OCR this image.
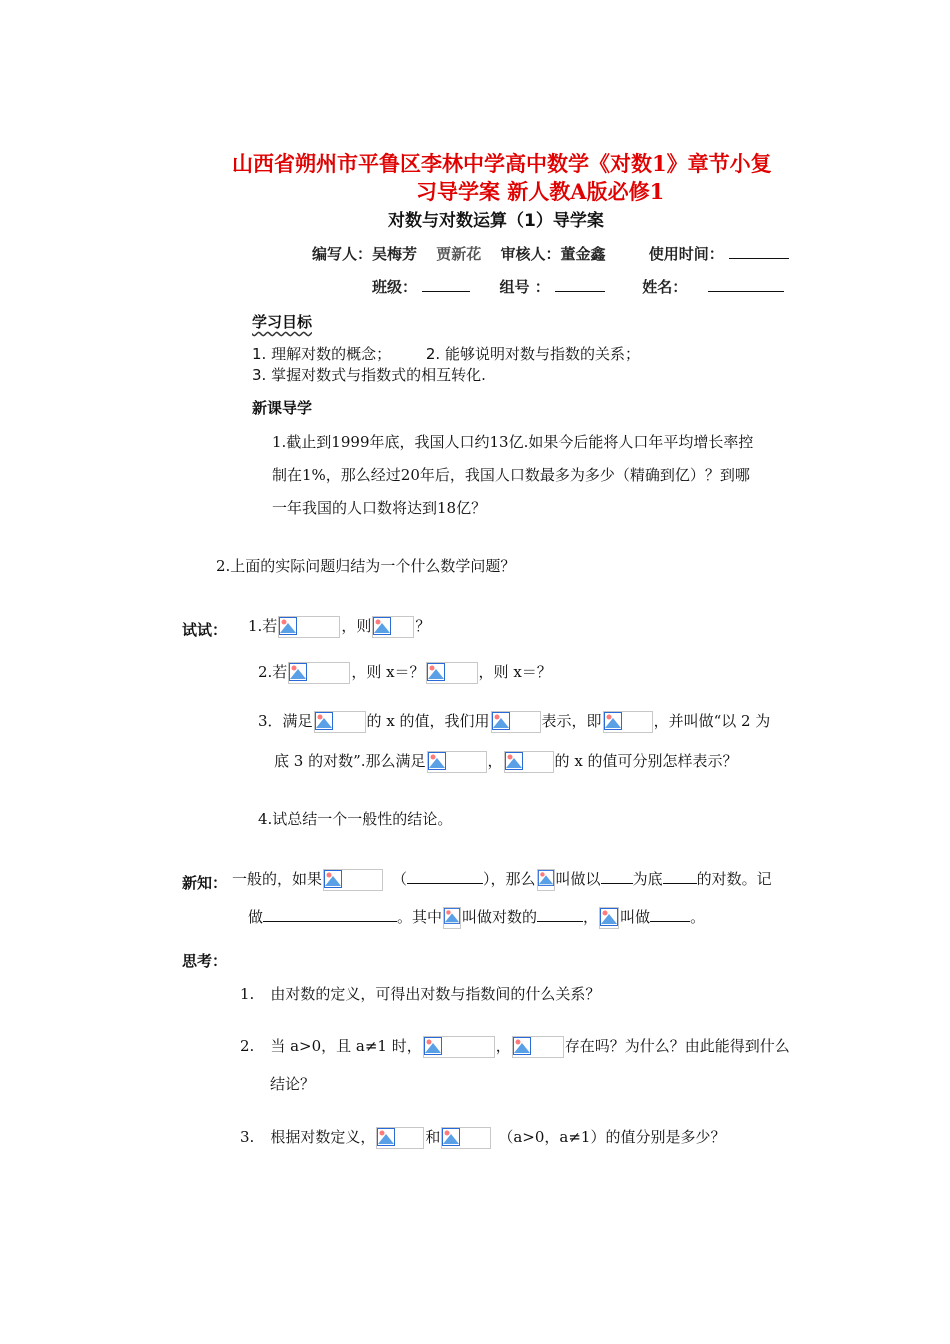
山西省朔州市平鲁区李林中学高中数学《对数1》章节小复
习导学案 新人教A版必修1
对数与对数运算（1）导学案
编写人：吴梅芳 贾新花 审核人：董金鑫	使用时间：
班级：	组号 ：	姓名：
学习目标
1. 理解对数的概念； 2. 能够说明对数与指数的关系；
3. 掌握对数式与指数式的相互转化.
新课导学
1.截止到1999年底，我国人口约13亿.如果今后能将人口年平均增长率控
制在1%，那么经过20年后，我国人口数最多为多少（精确到亿）？到哪
一年我国的人口数将达到18亿？
2.上面的实际问题归结为一个什么数学问题？
试试： 1.若	，则	？
2.若	，则 x＝？	，则 x＝？
3．满足	的 x 的值，我们用	表示，即	，并叫做“以 2 为
底 3 的对数”.那么满足	，	的 x 的值可分别怎样表示？
4.试总结一个一般性的结论。
新知： 一般的，如果	（	），那么 叫做以 为底 的对数。记
做	。其中 叫做对数的	， 叫做	。
思考：
1. 由对数的定义，可得出对数与指数间的什么关系？
2. 当 a>0，且 a≠1 时，	，	存在吗？为什么？由此能得到什么
结论？
3. 根据对数定义，	和	（a>0，a≠1）的值分别是多少？
